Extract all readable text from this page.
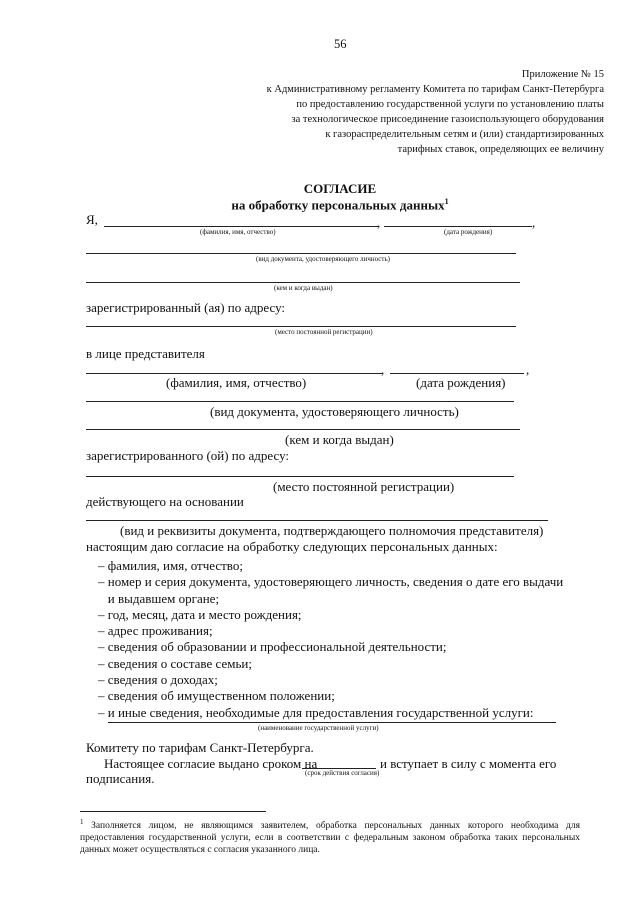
56
Приложение № 15
к Административному регламенту Комитета по тарифам Санкт-Петербурга
по предоставлению государственной услуги по установлению платы
за технологическое присоединение газоиспользующего оборудования
к газораспределительным сетям и (или) стандартизированных
тарифных ставок, определяющих ее величину
СОГЛАСИЕ
на обработку персональных данных$^1$
Я,	,	,
(фамилия, имя, отчество)	(дата рождения)
(вид документа, удостоверяющего личность)
(кем и когда выдан)
зарегистрированный (ая) по адресу:
(место постоянной регистрации)
в лице представителя
,	,
(фамилия, имя, отчество)	(дата рождения)
(вид документа, удостоверяющего личность)
(кем и когда выдан)
зарегистрированного (ой) по адресу:
(место постоянной регистрации)
действующего на основании
(вид и реквизиты документа, подтверждающего полномочия представителя)
настоящим даю согласие на обработку следующих персональных данных:
– фамилия, имя, отчество;
– номер и серия документа, удостоверяющего личность, сведения о дате его выдачи
и выдавшем органе;
– год, месяц, дата и место рождения;
– адрес проживания;
– сведения об образовании и профессиональной деятельности;
– сведения о составе семьи;
– сведения о доходах;
– сведения об имущественном положении;
– и иные сведения, необходимые для предоставления государственной услуги:
(наименование государственной услуги)
Комитету по тарифам Санкт-Петербурга.
Настоящее согласие выдано сроком на	и вступает в силу с момента его
(срок действия согласия)
подписания.
$^1$ Заполняется лицом, не являющимся заявителем, обработка персональных данных которого необходима для предоставления государственной услуги, если в соответствии с федеральным законом обработка таких персональных данных может осуществляться с согласия указанного лица.
